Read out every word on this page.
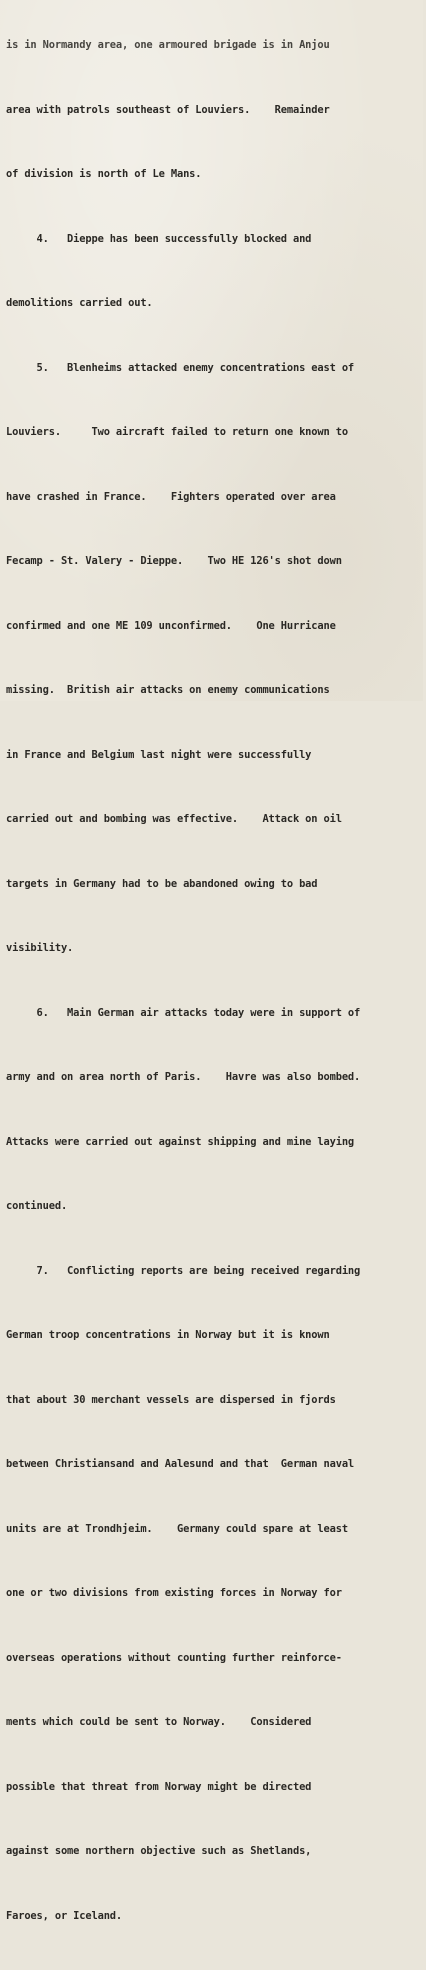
is in Normandy area, one armoured brigade is in Anjou

area with patrols southeast of Louviers.    Remainder

of division is north of Le Mans.

4.   Dieppe has been successfully blocked and

demolitions carried out.

5.   Blenheims attacked enemy concentrations east of

Louviers.     Two aircraft failed to return one known to

have crashed in France.    Fighters operated over area

Fecamp - St. Valery - Dieppe.    Two HE 126's shot down

confirmed and one ME 109 unconfirmed.    One Hurricane

missing.  British air attacks on enemy communications

in France and Belgium last night were successfully

carried out and bombing was effective.    Attack on oil

targets in Germany had to be abandoned owing to bad

visibility.

6.   Main German air attacks today were in support of

army and on area north of Paris.    Havre was also bombed.

Attacks were carried out against shipping and mine laying

continued.

7.   Conflicting reports are being received regarding

German troop concentrations in Norway but it is known

that about 30 merchant vessels are dispersed in fjords

between Christiansand and Aalesund and that  German naval

units are at Trondhjeim.    Germany could spare at least

one or two divisions from existing forces in Norway for

overseas operations without counting further reinforce-

ments which could be sent to Norway.    Considered

possible that threat from Norway might be directed

against some northern objective such as Shetlands,

Faroes, or Iceland.
